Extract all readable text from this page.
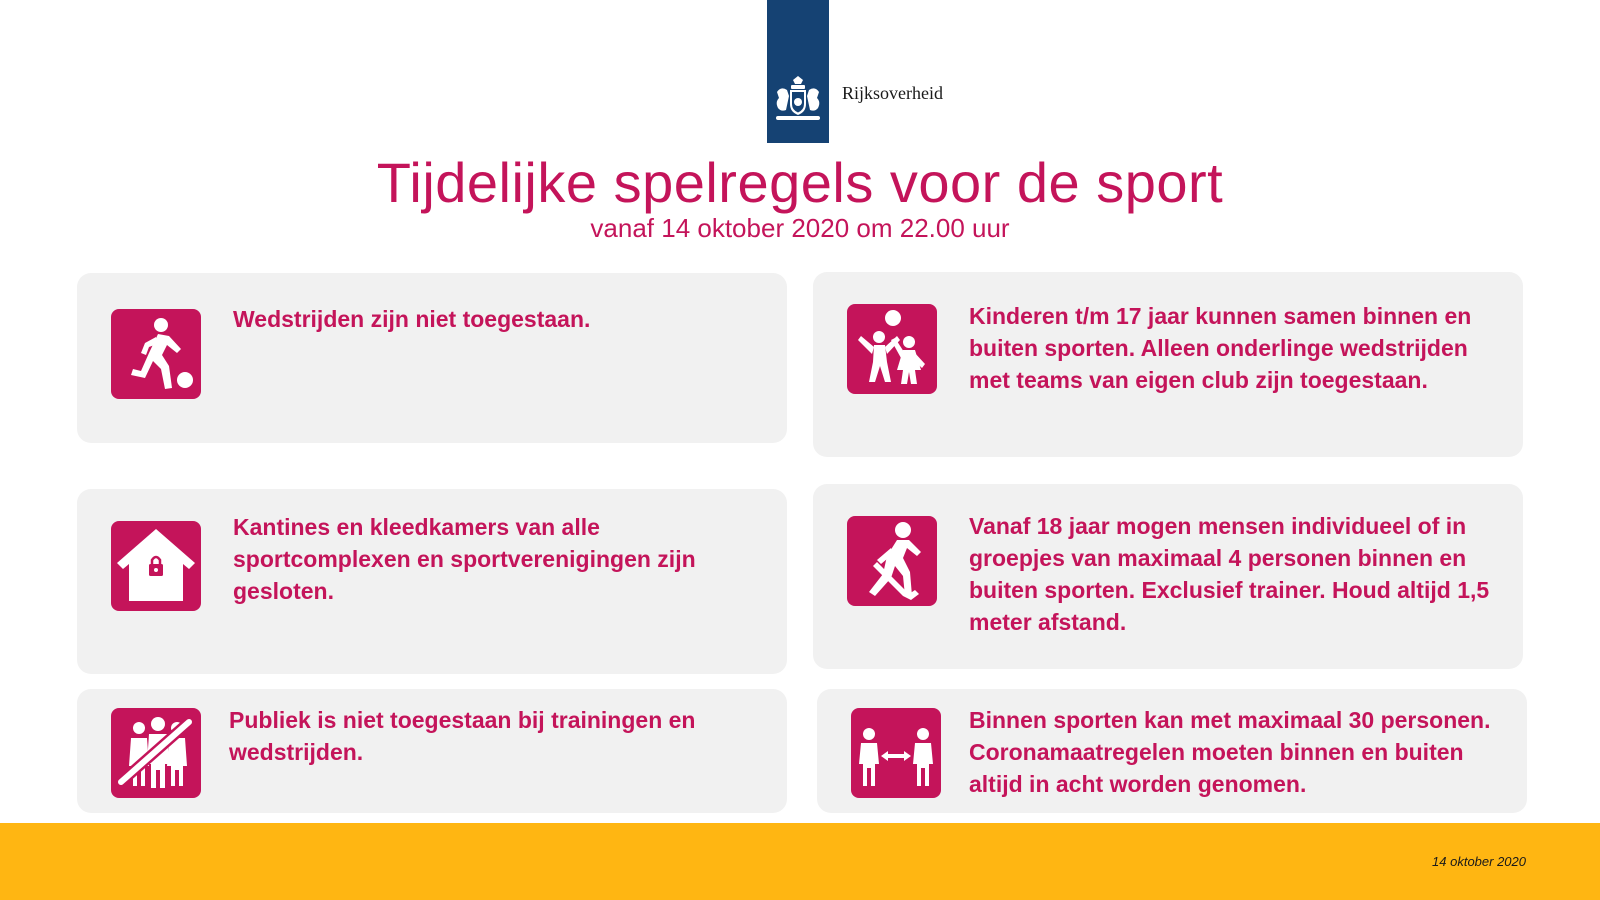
Rijksoverheid
Tijdelijke spelregels voor de sport
vanaf 14 oktober 2020 om 22.00 uur
Wedstrijden zijn niet toegestaan.	Kinderen t/m 17 jaar kunnen samen binnen en buiten sporten. Alleen onderlinge wedstrijden met teams van eigen club zijn toegestaan.
Kantines en kleedkamers van alle sportcomplexen en sportverenigingen zijn gesloten.
Vanaf 18 jaar mogen mensen individueel of in groepjes van maximaal 4 personen binnen en buiten sporten. Exclusief trainer. Houd altijd 1,5 meter afstand.
Publiek is niet toegestaan bij trainingen en wedstrijden.
Binnen sporten kan met maximaal 30 personen. Coronamaatregelen moeten binnen en buiten altijd in acht worden genomen.
14 oktober 2020
